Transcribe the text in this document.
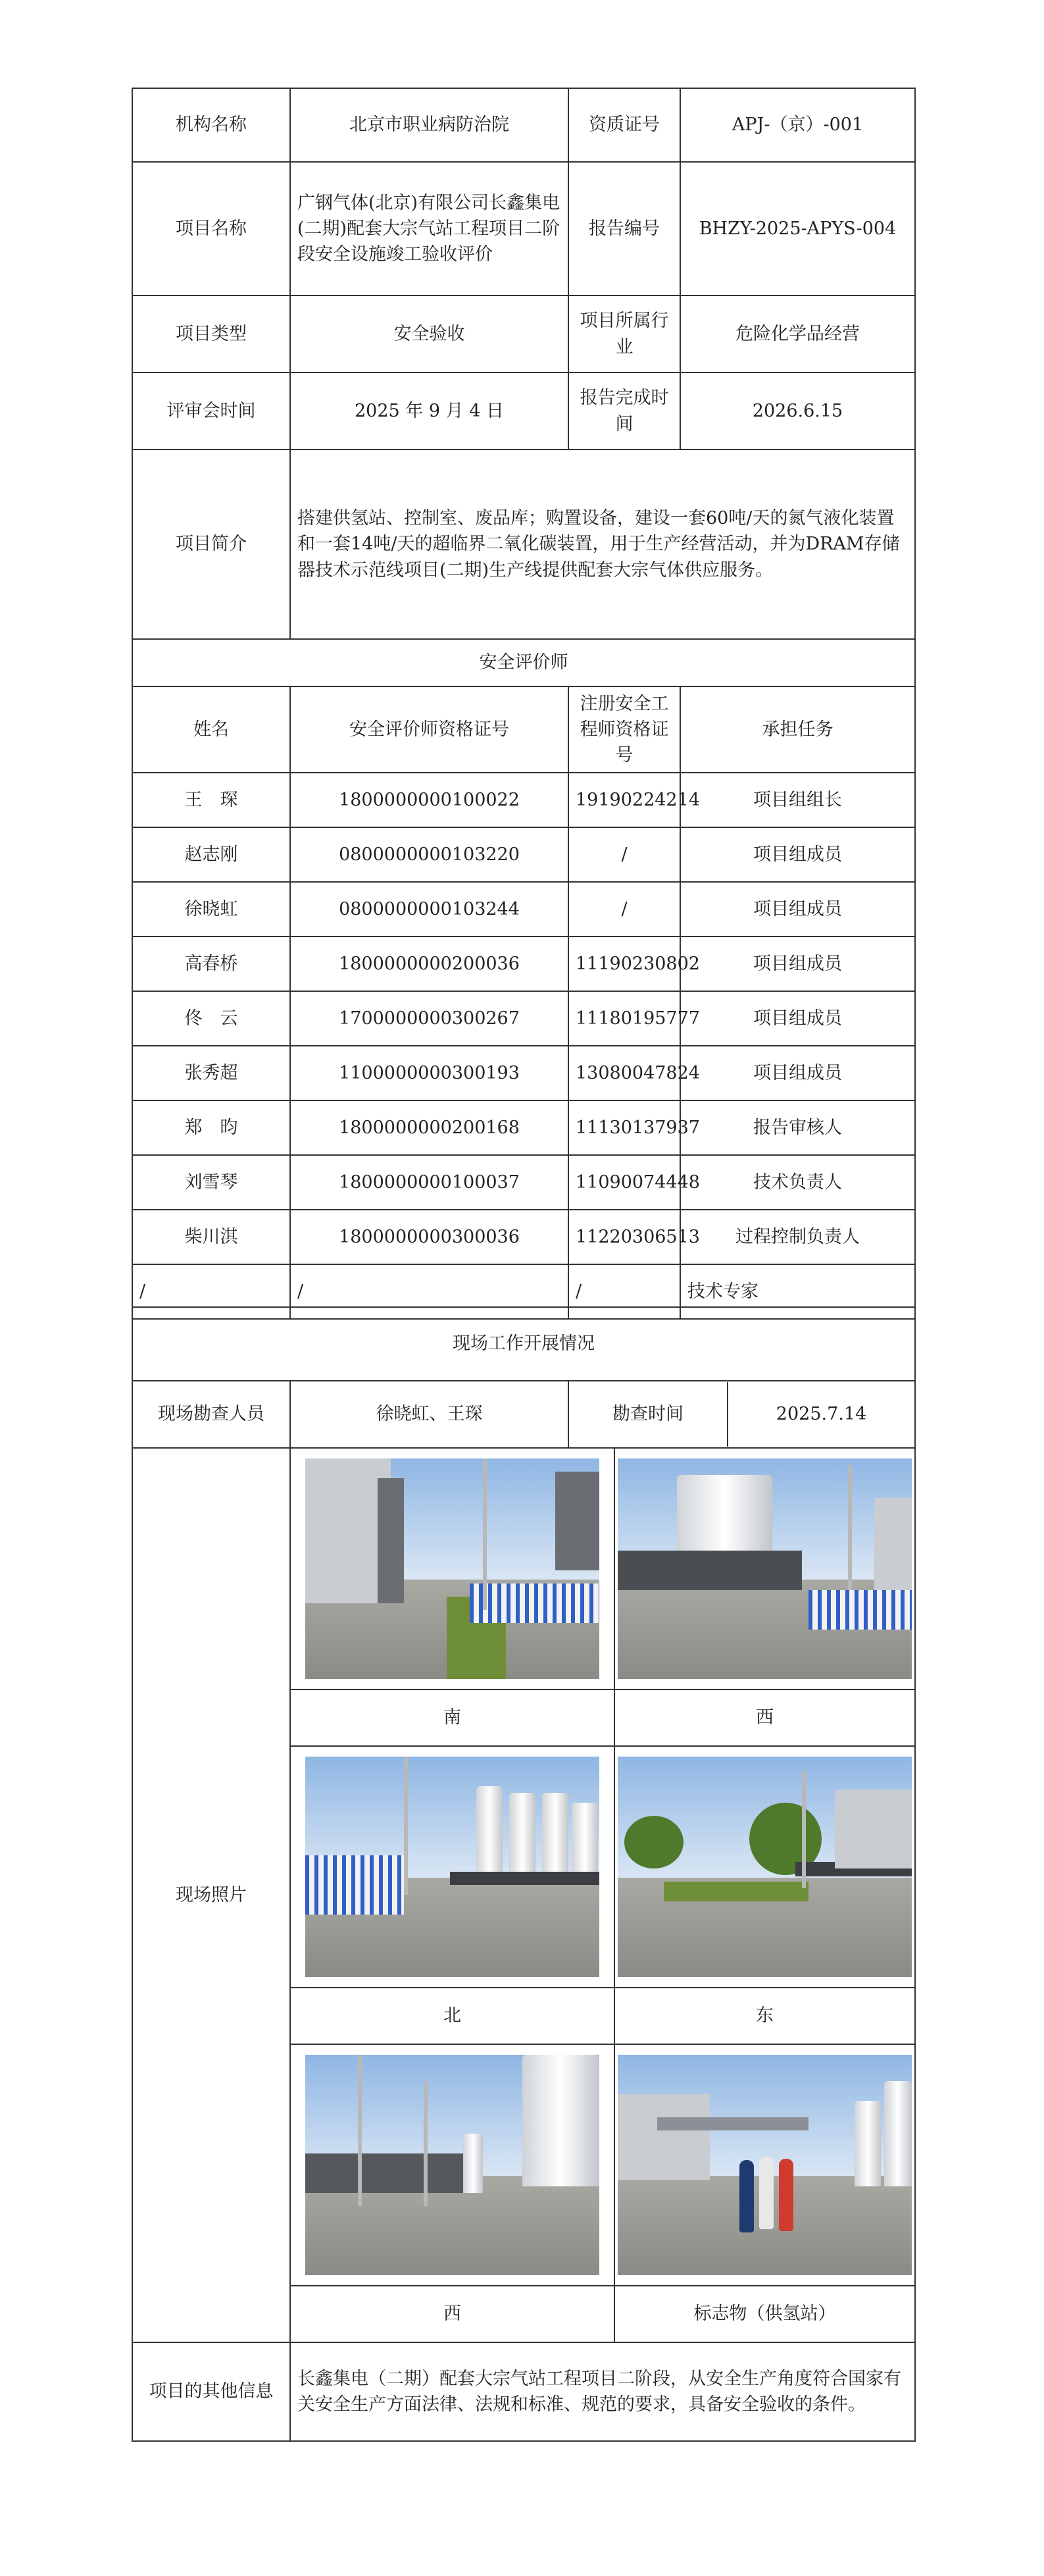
机构名称	北京市职业病防治院	资质证号	APJ-（京）-001
项目名称	广钢气体(北京)有限公司长鑫集电(二期)配套大宗气站工程项目二阶段安全设施竣工验收评价	报告编号	BHZY-2025-APYS-004
项目类型	安全验收	项目所属行业	危险化学品经营
评审会时间	2025 年 9 月 4 日	报告完成时间	2026.6.15
项目简介	搭建供氢站、控制室、废品库；购置设备，建设一套60吨/天的氮气液化装置和一套14吨/天的超临界二氧化碳装置，用于生产经营活动，并为DRAM存储器技术示范线项目(二期)生产线提供配套大宗气体供应服务。		
安全评价师			
姓名	安全评价师资格证号	注册安全工程师资格证号	承担任务
王　琛	1800000000100022	19190224214	项目组组长
赵志刚	0800000000103220	/	项目组成员
徐晓虹	0800000000103244	/	项目组成员
高春桥	1800000000200036	11190230802	项目组成员
佟　云	1700000000300267	11180195777	项目组成员
张秀超	1100000000300193	13080047824	项目组成员
郑　昀	1800000000200168	11130137937	报告审核人
刘雪琴	1800000000100037	11090074448	技术负责人
柴川淇	1800000000300036	11220306513	过程控制负责人
/	/	/	技术专家
现场工作开展情况			
现场勘查人员	徐晓虹、王琛	勘查时间 2025.7.14	

现场照片		

	南		西

	北		东

	西		标志物（供氢站）
项目的其他信息	长鑫集电（二期）配套大宗气站工程项目二阶段，从安全生产角度符合国家有关安全生产方面法律、法规和标准、规范的要求，具备安全验收的条件。		
